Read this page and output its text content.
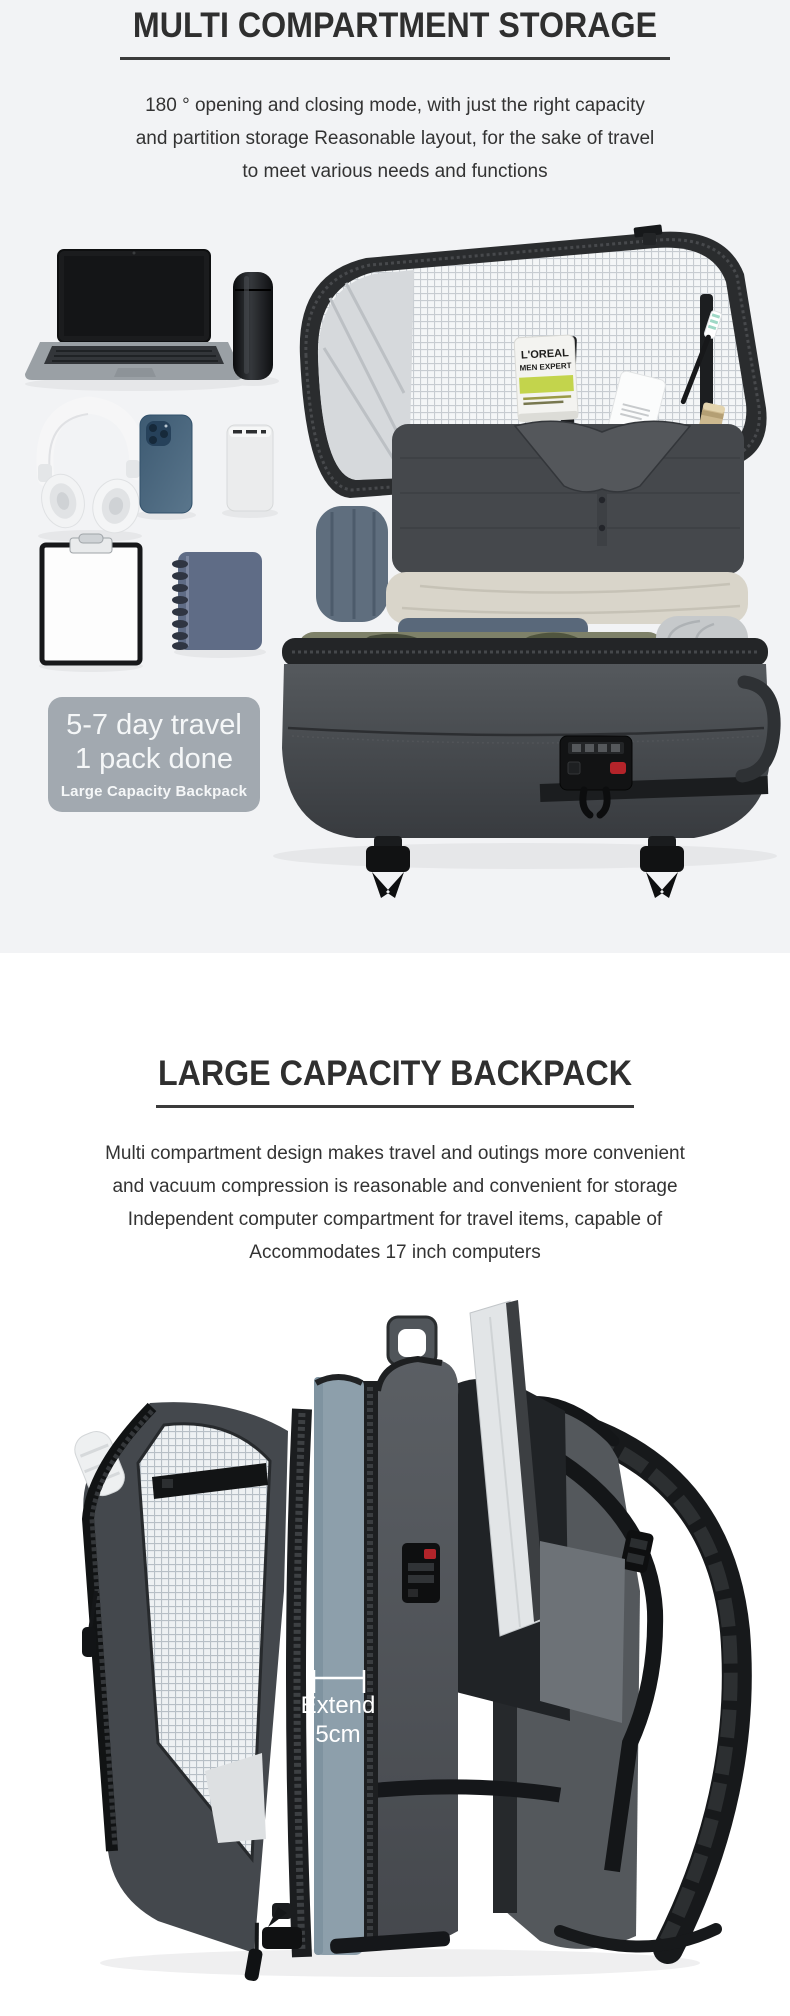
MULTI COMPARTMENT STORAGE
180 ° opening and closing mode, with just the right capacity
and partition storage Reasonable layout, for the sake of travel
to meet various needs and functions
L'OREAL
MEN EXPERT
5-7 day travel
1 pack done
Large Capacity Backpack
LARGE CAPACITY BACKPACK
Multi compartment design makes travel and outings more convenient
and vacuum compression is reasonable and convenient for storage
Independent computer compartment for travel items, capable of
Accommodates 17 inch computers
Extend
5cm
